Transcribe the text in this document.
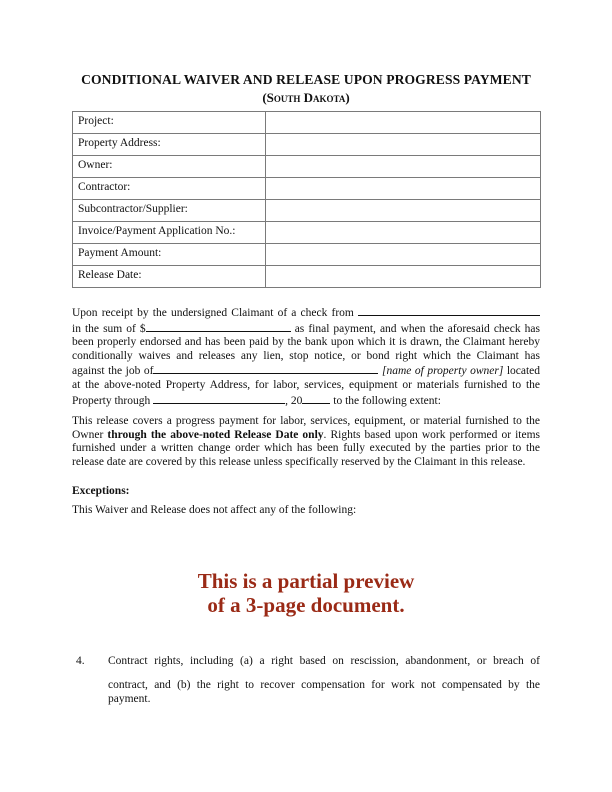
CONDITIONAL WAIVER AND RELEASE UPON PROGRESS PAYMENT
(South Dakota)
Project:	
Property Address:	
Owner:	
Contractor:	
Subcontractor/Supplier:	
Invoice/Payment Application No.:	
Payment Amount:	
Release Date:	
Upon receipt by the undersigned Claimant of a check from
in the sum of $	as final payment, and when the aforesaid check has
been properly endorsed and has been paid by the bank upon which it is drawn, the Claimant hereby
conditionally waives and releases any lien, stop notice, or bond right which the Claimant has
against the job of	[name of property owner] located
at the above-noted Property Address, for labor, services, equipment or materials furnished to the
Property through	, 20	to the following extent:
This release covers a progress payment for labor, services, equipment, or material furnished to the Owner through the above-noted Release Date only. Rights based upon work performed or items furnished under a written change order which has been fully executed by the parties prior to the release date are covered by this release unless specifically reserved by the Claimant in this release.
Exceptions:
This Waiver and Release does not affect any of the following:
This is a partial preview
of a 3-page document.
4. Contract rights, including (a) a right based on rescission, abandonment, or breach of
contract, and (b) the right to recover compensation for work not compensated by the payment.
